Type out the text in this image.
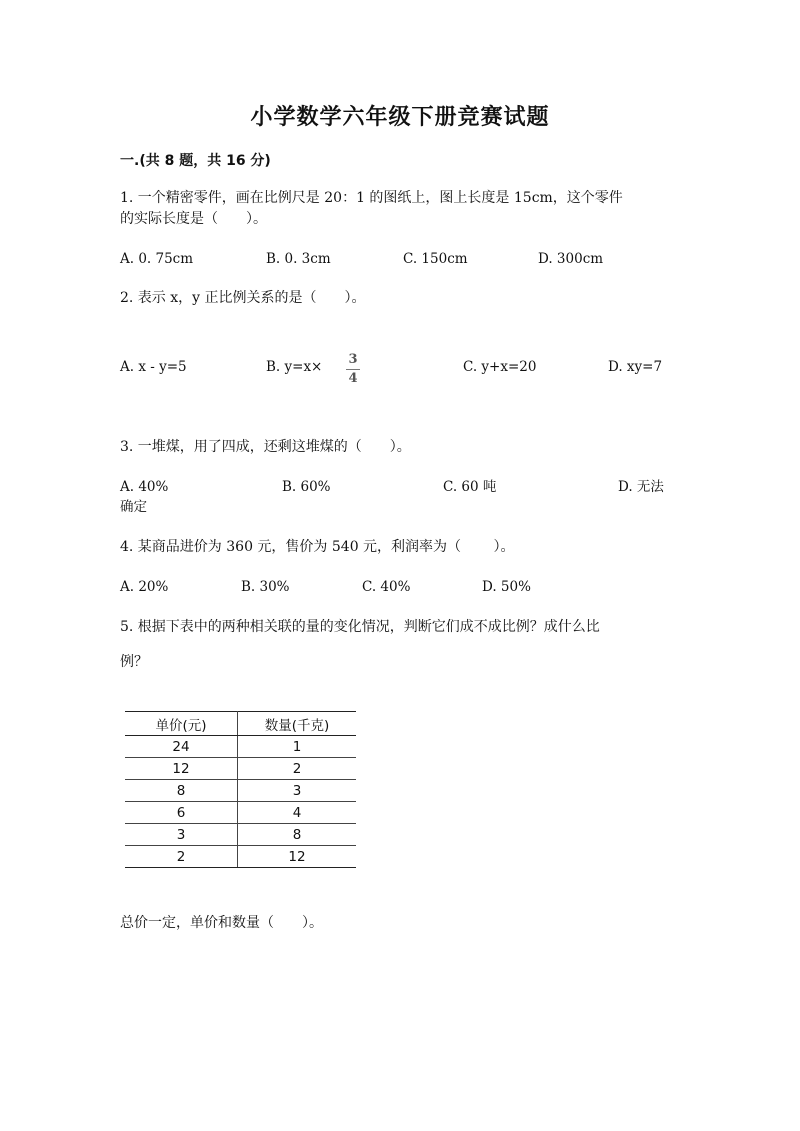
小学数学六年级下册竞赛试题
一.(共 8 题，共 16 分)
1. 一个精密零件，画在比例尺是 20：1 的图纸上，图上长度是 15cm，这个零件
的实际长度是（　　）。
A. 0. 75cm	B. 0. 3cm	C. 150cm	D. 300cm
2. 表示 x，y 正比例关系的是（　　）。
A. x - y=5	B. y=x× 3
4
C. y+x=20	D. xy=7
3. 一堆煤，用了四成，还剩这堆煤的（　　）。
A. 40%	B. 60%	C. 60 吨	D. 无法
确定
4. 某商品进价为 360 元，售价为 540 元，利润率为（　　 ）。
A. 20%	B. 30%	C. 40%	D. 50%
5. 根据下表中的两种相关联的量的变化情况，判断它们成不成比例？成什么比
例？
单价(元)	数量(千克)
24	1
12	2
8	3
6	4
3	8
2	12
总价一定，单价和数量（　　）。
